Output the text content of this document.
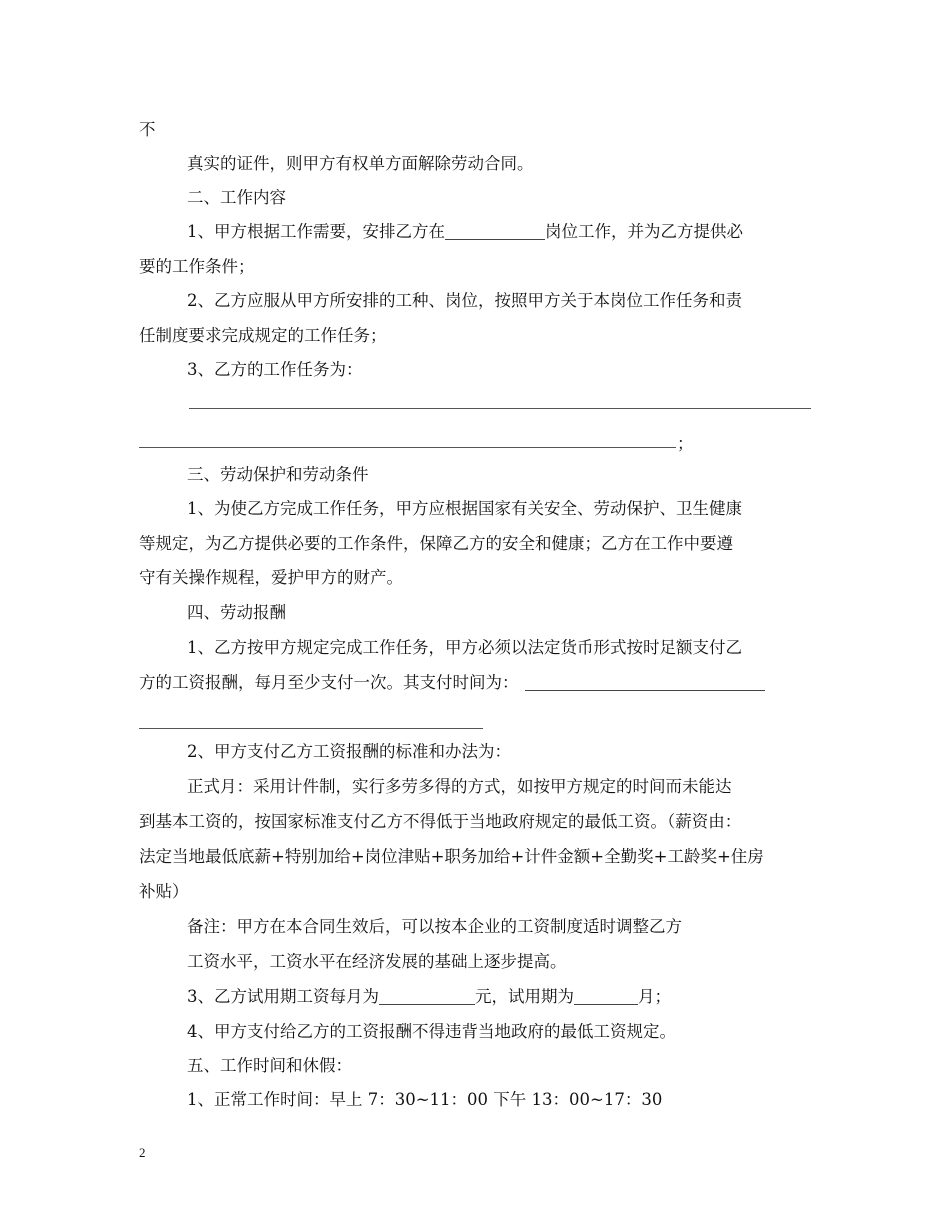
不
真实的证件，则甲方有权单方面解除劳动合同。
二、工作内容
1、甲方根据工作需要，安排乙方在	岗位工作，并为乙方提供必
要的工作条件；
2、乙方应服从甲方所安排的工种、岗位，按照甲方关于本岗位工作任务和责
任制度要求完成规定的工作任务；
3、乙方的工作任务为：
；
三、劳动保护和劳动条件
1、为使乙方完成工作任务，甲方应根据国家有关安全、劳动保护、卫生健康
等规定，为乙方提供必要的工作条件，保障乙方的安全和健康；乙方在工作中要遵
守有关操作规程，爱护甲方的财产。
四、劳动报酬
1、乙方按甲方规定完成工作任务，甲方必须以法定货币形式按时足额支付乙
方的工资报酬，每月至少支付一次。其支付时间为：
2、甲方支付乙方工资报酬的标准和办法为：
正式月：采用计件制，实行多劳多得的方式，如按甲方规定的时间而未能达
到基本工资的，按国家标准支付乙方不得低于当地政府规定的最低工资。（薪资由：
法定当地最低底薪+特别加给+岗位津贴+职务加给+计件金额+全勤奖+工龄奖+住房
补贴）
备注：甲方在本合同生效后，可以按本企业的工资制度适时调整乙方
工资水平，工资水平在经济发展的基础上逐步提高。
3、乙方试用期工资每月为	元，试用期为	月；
4、甲方支付给乙方的工资报酬不得违背当地政府的最低工资规定。
五、工作时间和休假：
1、正常工作时间：早上 7：30~11：00 下午 13：00~17：30
2
